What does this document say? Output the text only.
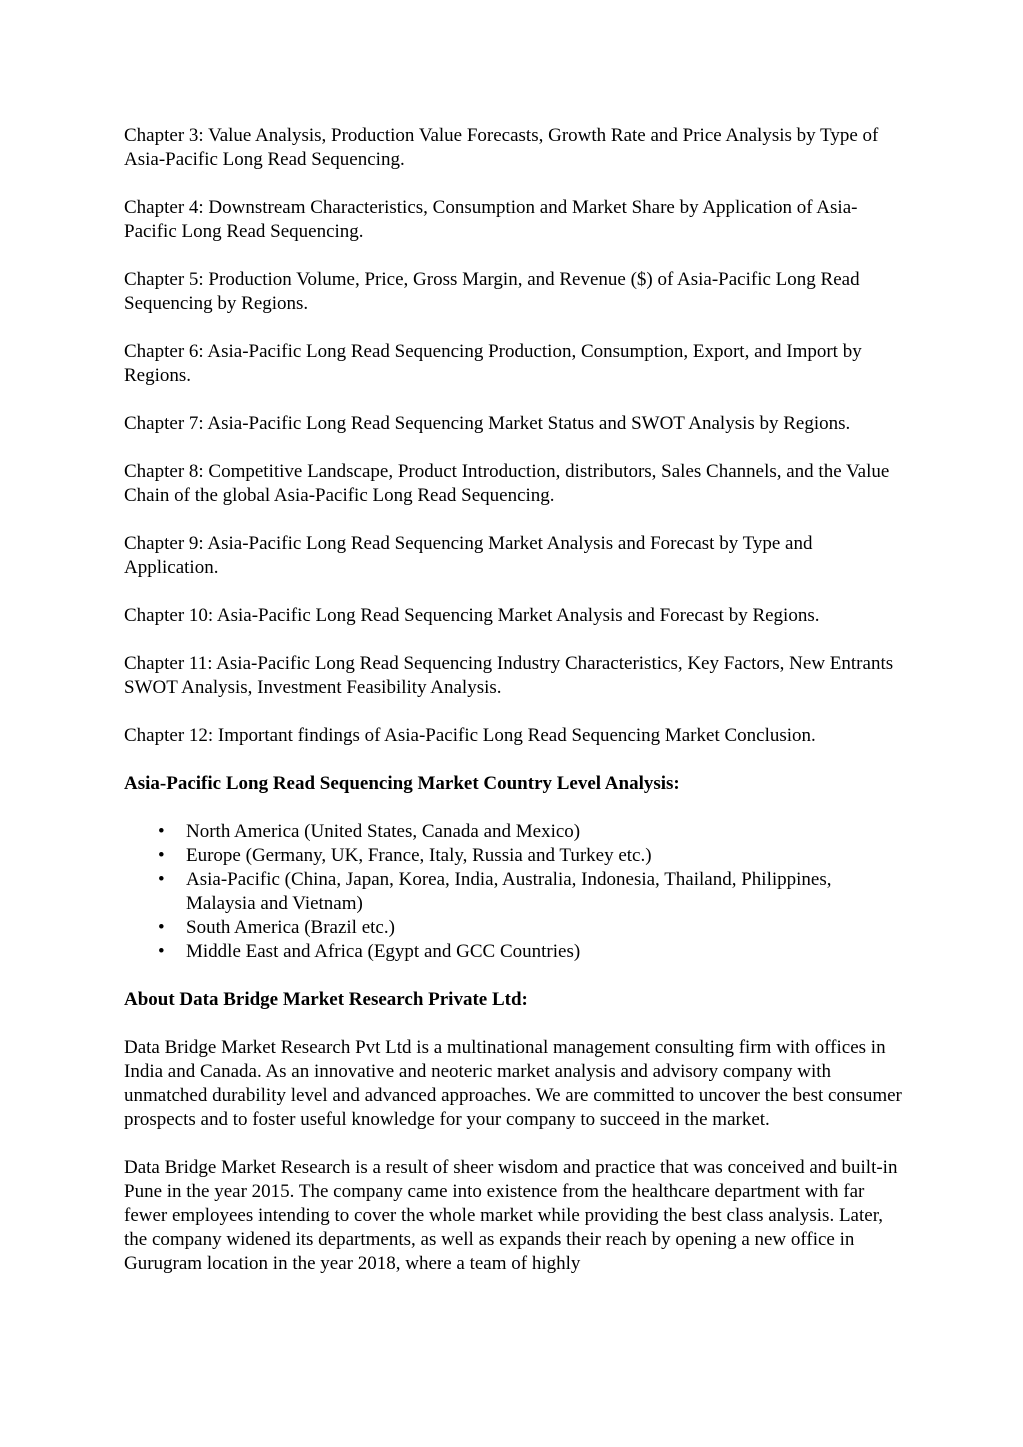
Chapter 3: Value Analysis, Production Value Forecasts, Growth Rate and Price Analysis by Type of Asia-Pacific Long Read Sequencing.

Chapter 4: Downstream Characteristics, Consumption and Market Share by Application of Asia-Pacific Long Read Sequencing.

Chapter 5: Production Volume, Price, Gross Margin, and Revenue ($) of Asia-Pacific Long Read Sequencing by Regions.

Chapter 6: Asia-Pacific Long Read Sequencing Production, Consumption, Export, and Import by Regions.

Chapter 7: Asia-Pacific Long Read Sequencing Market Status and SWOT Analysis by Regions.

Chapter 8: Competitive Landscape, Product Introduction, distributors, Sales Channels, and the Value Chain of the global Asia-Pacific Long Read Sequencing.

Chapter 9: Asia-Pacific Long Read Sequencing Market Analysis and Forecast by Type and Application.

Chapter 10: Asia-Pacific Long Read Sequencing Market Analysis and Forecast by Regions.

Chapter 11: Asia-Pacific Long Read Sequencing Industry Characteristics, Key Factors, New Entrants SWOT Analysis, Investment Feasibility Analysis.

Chapter 12: Important findings of Asia-Pacific Long Read Sequencing Market Conclusion.

Asia-Pacific Long Read Sequencing Market Country Level Analysis:

• North America (United States, Canada and Mexico)
• Europe (Germany, UK, France, Italy, Russia and Turkey etc.)
• Asia-Pacific (China, Japan, Korea, India, Australia, Indonesia, Thailand, Philippines, Malaysia and Vietnam)
• South America (Brazil etc.)
• Middle East and Africa (Egypt and GCC Countries)

About Data Bridge Market Research Private Ltd:

Data Bridge Market Research Pvt Ltd is a multinational management consulting firm with offices in India and Canada. As an innovative and neoteric market analysis and advisory company with unmatched durability level and advanced approaches. We are committed to uncover the best consumer prospects and to foster useful knowledge for your company to succeed in the market.

Data Bridge Market Research is a result of sheer wisdom and practice that was conceived and built-in Pune in the year 2015. The company came into existence from the healthcare department with far fewer employees intending to cover the whole market while providing the best class analysis. Later, the company widened its departments, as well as expands their reach by opening a new office in Gurugram location in the year 2018, where a team of highly
